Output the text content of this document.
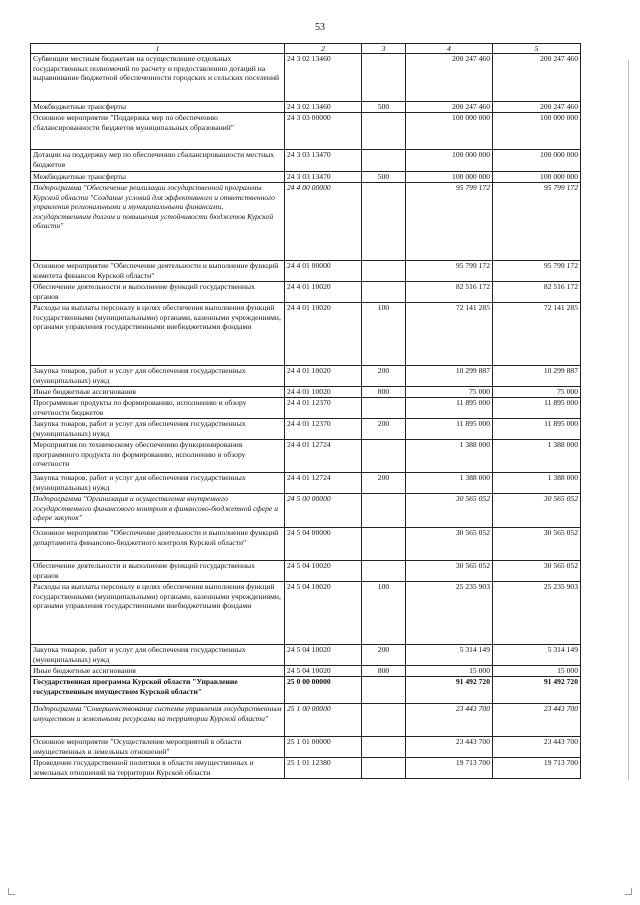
53
1	2	3	4	5
Субвенции местным бюджетам на осуществление отдельных государственных полномочий по расчету и предоставлению дотаций на выравнивание бюджетной обеспеченности городских и сельских поселений	24 3 02 13460		200 247 460	200 247 460
Межбюджетные трансферты	24 3 02 13460	500	200 247 460	200 247 460
Основное мероприятие "Поддержка мер по обеспечению сбалансированности бюджетов муниципальных образований"	24 3 03 00000		100 000 000	100 000 000
Дотации на поддержку мер по обеспечению сбалансированности местных бюджетов	24 3 03 13470		100 000 000	100 000 000
Межбюджетные трансферты	24 3 03 13470	500	100 000 000	100 000 000
Подпрограмма "Обеспечение реализации государственной программы Курской области "Создание условий для эффективного и ответственного управления региональными и муниципальными финансами, государственным долгом и повышения устойчивости бюджетов Курской области"	24 4 00 00000		95 799 172	95 799 172
Основное мероприятие "Обеспечение деятельности и выполнение функций комитета финансов Курской области"	24 4 01 00000		95 799 172	95 799 172
Обеспечение деятельности и выполнение функций государственных органов	24 4 01 10020		82 516 172	82 516 172
Расходы на выплаты персоналу в целях обеспечения выполнения функций государственными (муниципальными) органами, казенными учреждениями, органами управления государственными внебюджетными фондами	24 4 01 10020	100	72 141 285	72 141 285
Закупка товаров, работ и услуг для обеспечения государственных (муниципальных) нужд	24 4 01 10020	200	10 299 887	10 299 887
Иные бюджетные ассигнования	24 4 01 10020	800	75 000	75 000
Программные продукты по формированию, исполнению и обзору отчетности бюджетов	24 4 01 12370		11 895 000	11 895 000
Закупка товаров, работ и услуг для обеспечения государственных (муниципальных) нужд	24 4 01 12370	200	11 895 000	11 895 000
Мероприятия по техническому обеспечению функционирования программного продукта по формированию, исполнению и обзору отчетности	24 4 01 12724		1 388 000	1 388 000
Закупка товаров, работ и услуг для обеспечения государственных (муниципальных) нужд	24 4 01 12724	200	1 388 000	1 388 000
Подпрограмма "Организация и осуществление внутреннего государственного финансового контроля в финансово-бюджетной сфере и сфере закупок"	24 5 00 00000		30 565 052	30 565 052
Основное мероприятие "Обеспечение деятельности и выполнение функций департамента финансово-бюджетного контроля Курской области"	24 5 04 00000		30 565 052	30 565 052
Обеспечение деятельности и выполнение функций государственных органов	24 5 04 10020		30 565 052	30 565 052
Расходы на выплаты персоналу в целях обеспечения выполнения функций государственными (муниципальными) органами, казенными учреждениями, органами управления государственными внебюджетными фондами	24 5 04 10020	100	25 235 903	25 235 903
Закупка товаров, работ и услуг для обеспечения государственных (муниципальных) нужд	24 5 04 10020	200	5 314 149	5 314 149
Иные бюджетные ассигнования	24 5 04 10020	800	15 000	15 000
Государственная программа Курской области "Управление государственным имуществом Курской области"	25 0 00 00000		91 492 720	91 492 720
Подпрограмма "Совершенствование системы управления государственным имуществом и земельными ресурсами на территории Курской области"	25 1 00 00000		23 443 700	23 443 700
Основное мероприятие "Осуществление мероприятий в области имущественных и земельных отношений"	25 1 01 00000		23 443 700	23 443 700
Проведение государственной политики в области имущественных и земельных отношений на территории Курской области	25 1 01 12380		19 713 700	19 713 700
